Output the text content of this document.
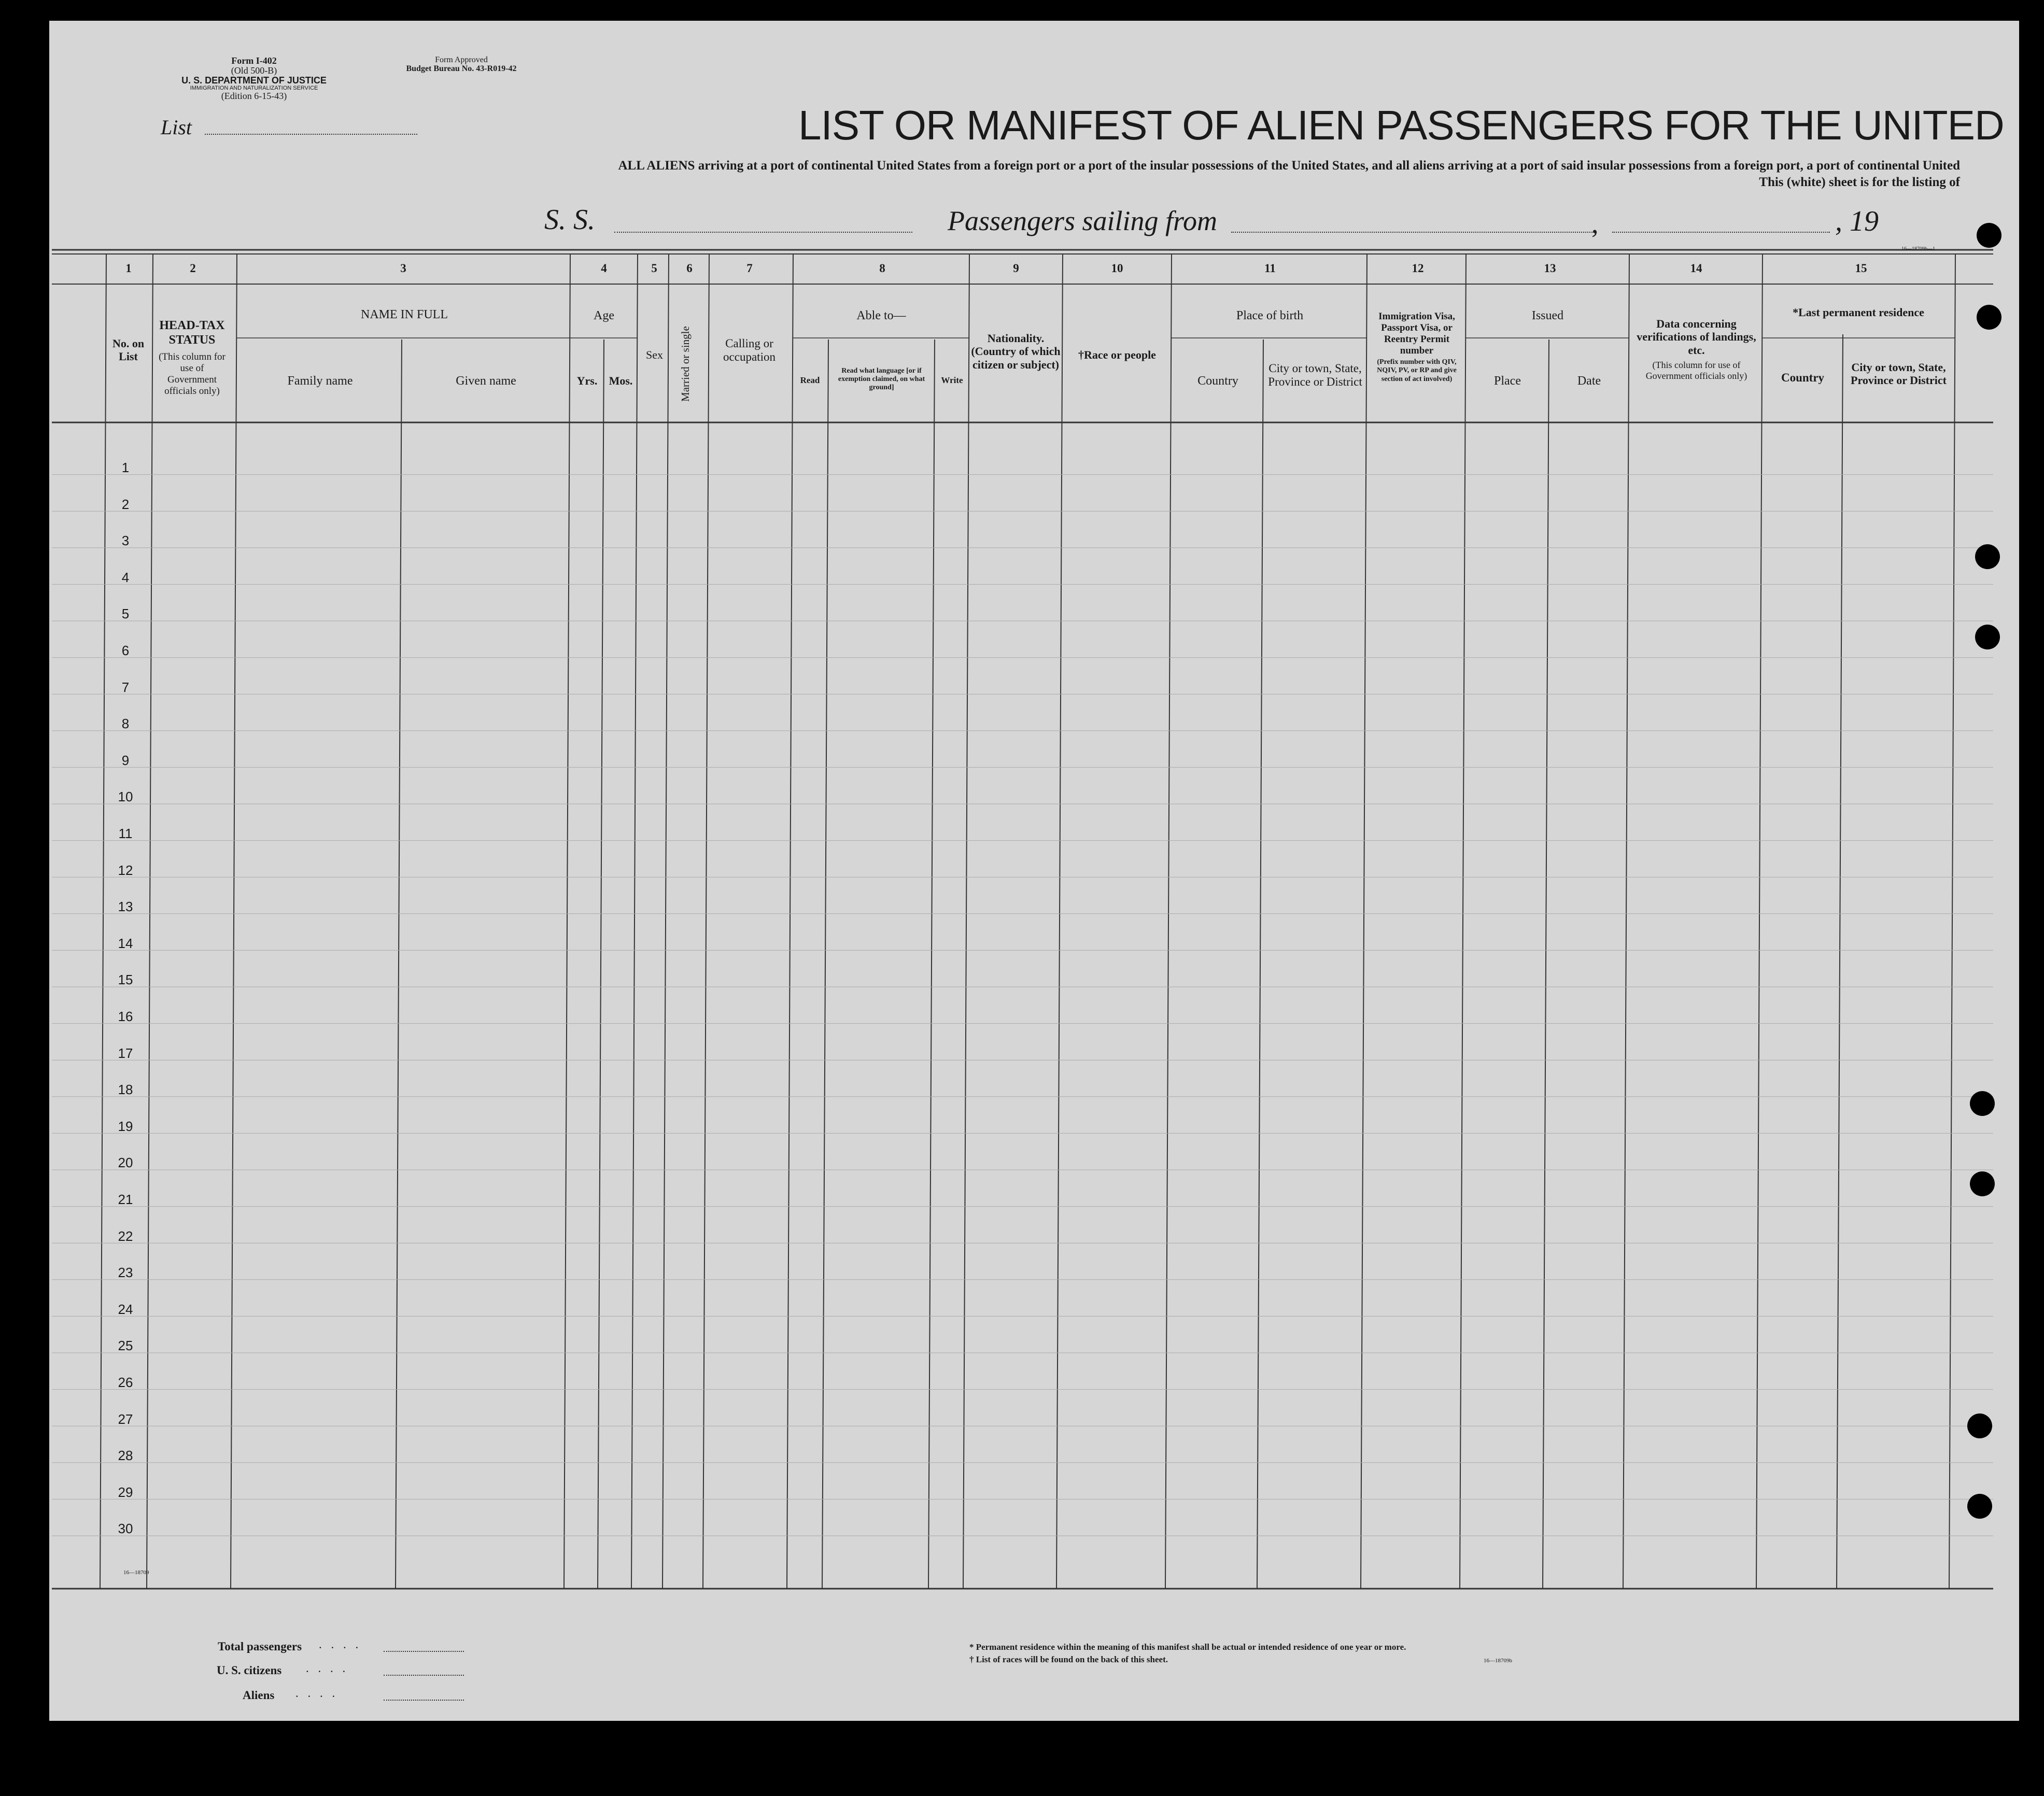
Form I-402
(Old 500-B)
U. S. DEPARTMENT OF JUSTICE
IMMIGRATION AND NATURALIZATION SERVICE
(Edition 6-15-43)
Form Approved
Budget Bureau No. 43-R019-42
List	LIST OR MANIFEST OF ALIEN PASSENGERS FOR THE UNITED
ALL ALIENS arriving at a port of continental United States from a foreign port or a port of the insular possessions of the United States, and all aliens arriving at a port of said insular possessions from a foreign port, a port of continental United
This (white) sheet is for the listing of
S. S.	Passengers sailing from	,	, 19
16—18709b—1
1	2	3	4	5	6	7	8	9	10	11	12	13	14	15
No. on List
HEAD-TAX STATUS
(This column for use of Government officials only)
NAME IN FULL
Family name	Given name
Age
Yrs.	Mos.
Sex	Married or single	Calling or occupation
Able to—
Read
Read what language [or if exemption claimed, on what ground]
Write
Nationality. (Country of which citizen or subject)
†Race or people
Place of birth
Country
City or town, State, Province or District
Immigration Visa, Passport Visa, or Reentry Permit number
(Prefix number with QIV, NQIV, PV, or RP and give section of act involved)
Issued
Place	Date
Data concerning verifications of landings, etc.
(This column for use of Government officials only)
*Last permanent residence
Country
City or town, State, Province or District
1
2
3
4
5
6
7
8
9
10
11
12
13
14
15
16
17
18
19
20
21
22
23
24
25
26
27
28
29
30
16—18709
Total passengers . . . .
U. S. citizens . . . .
Aliens . . . .
* Permanent residence within the meaning of this manifest shall be actual or intended residence of one year or more.
† List of races will be found on the back of this sheet.	16—18709b
